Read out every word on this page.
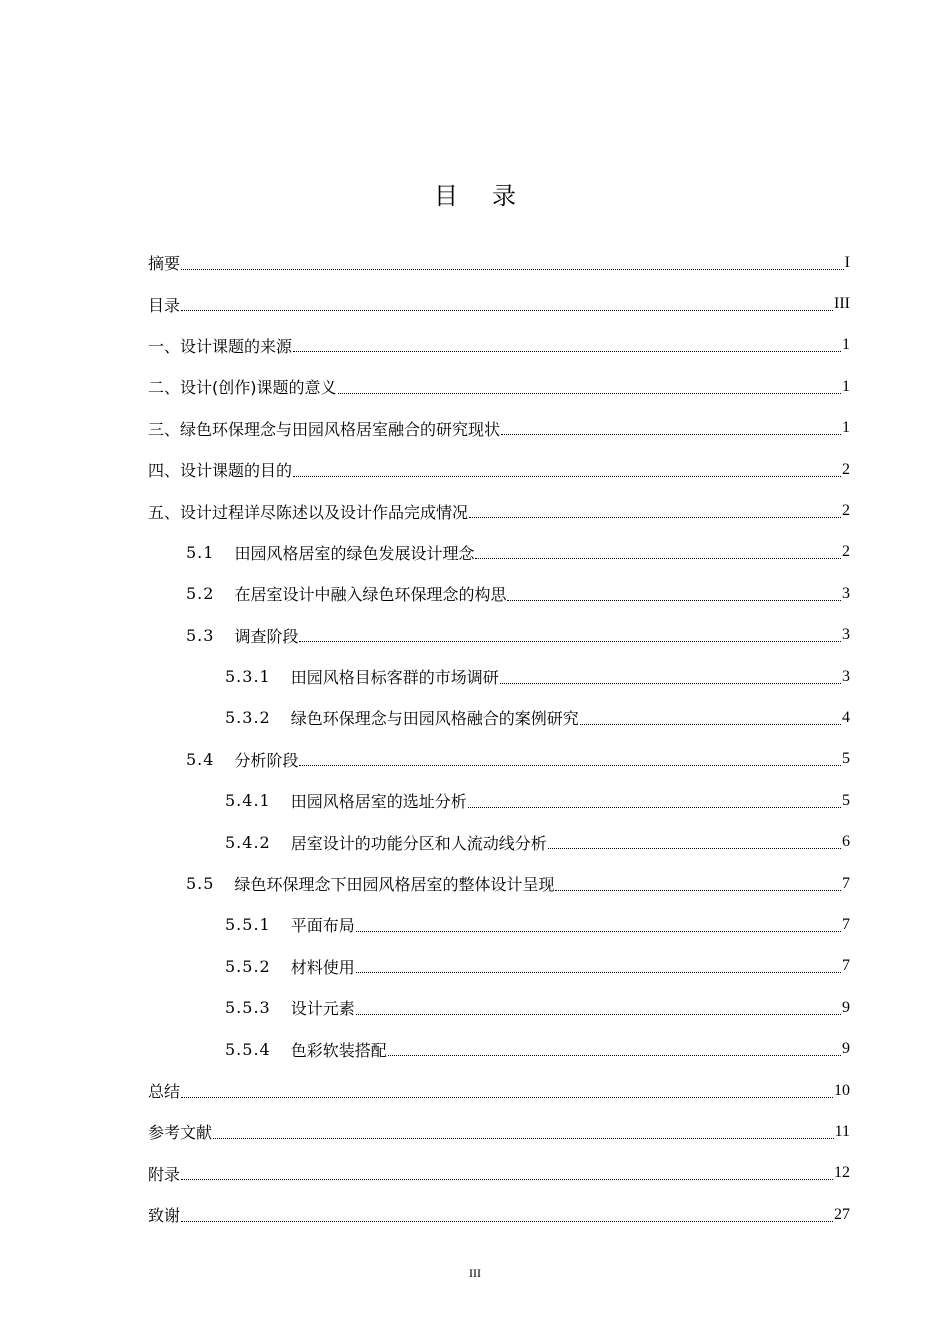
目录
摘要	I
目录	III
一、设计课题的来源	1
二、设计(创作)课题的意义	1
三、绿色环保理念与田园风格居室融合的研究现状	1
四、设计课题的目的	2
五、设计过程详尽陈述以及设计作品完成情况	2
5.1 田园风格居室的绿色发展设计理念	2
5.2 在居室设计中融入绿色环保理念的构思	3
5.3 调查阶段	3
5.3.1 田园风格目标客群的市场调研	3
5.3.2 绿色环保理念与田园风格融合的案例研究	4
5.4 分析阶段	5
5.4.1 田园风格居室的选址分析	5
5.4.2 居室设计的功能分区和人流动线分析	6
5.5 绿色环保理念下田园风格居室的整体设计呈现	7
5.5.1 平面布局	7
5.5.2 材料使用	7
5.5.3 设计元素	9
5.5.4 色彩软装搭配	9
总结	10
参考文献	11
附录	12
致谢	27
III
